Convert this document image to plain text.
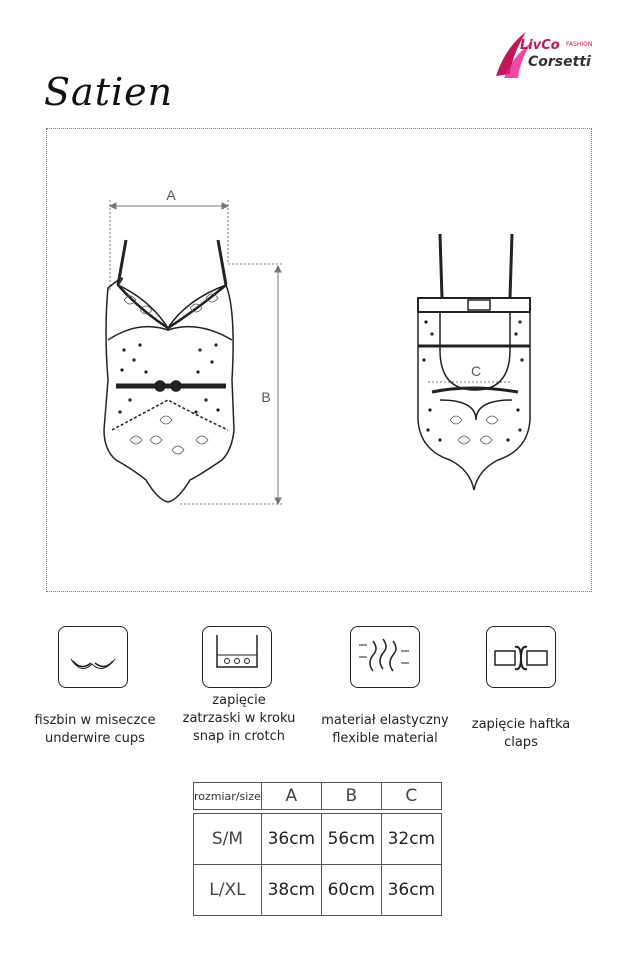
LivCo FASHION
Corsetti
Satien
A
B
C
fiszbin w miseczce
underwire cups
zapięcie
zatrzaski w kroku
snap in crotch
materiał elastyczny
flexible material
zapięcie haftka
claps
rozmiar/size	A	B	C

S/M	36cm	56cm	32cm
L/XL	38cm	60cm	36cm
